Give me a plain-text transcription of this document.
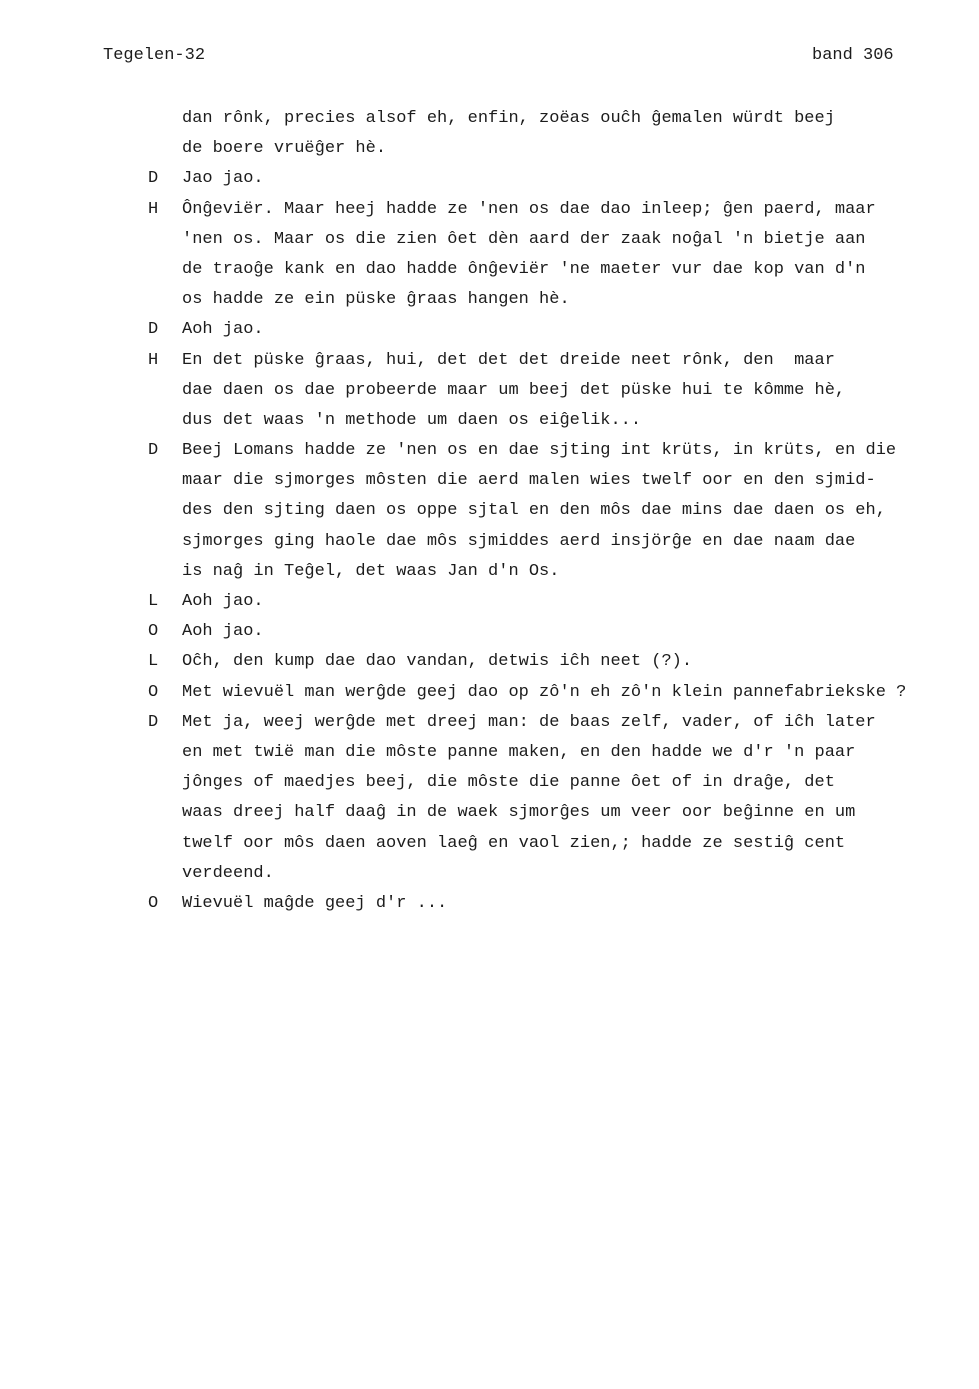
Tegelen-32	band 306
dan rônk, precies alsof eh, enfin, zoëas ouĉh ĝemalen würdt beej
de boere vruëĝer hè.
D Jao jao.
H Ônĝeviër. Maar heej hadde ze 'nen os dae dao inleep; ĝen paerd, maar
'nen os. Maar os die zien ôet dèn aard der zaak noĝal 'n bietje aan
de traoĝe kank en dao hadde ônĝeviër 'ne maeter vur dae kop van d'n
os hadde ze ein püske ĝraas hangen hè.
D Aoh jao.
H En det püske ĝraas, hui, det det det dreide neet rônk, den  maar
dae daen os dae probeerde maar um beej det püske hui te kômme hè,
dus det waas 'n methode um daen os eiĝelik...
D Beej Lomans hadde ze 'nen os en dae sjting int krüts, in krüts, en die
maar die sjmorges môsten die aerd malen wies twelf oor en den sjmid-
des den sjting daen os oppe sjtal en den môs dae mins dae daen os eh,
sjmorges ging haole dae môs sjmiddes aerd insjörĝe en dae naam dae
is naĝ in Teĝel, det waas Jan d'n Os.
L Aoh jao.
O Aoh jao.
L Oĉh, den kump dae dao vandan, detwis iĉh neet (?).
O Met wievuël man werĝde geej dao op zô'n eh zô'n klein pannefabriekske ?
D Met ja, weej werĝde met dreej man: de baas zelf, vader, of iĉh later
en met twië man die môste panne maken, en den hadde we d'r 'n paar
jônges of maedjes beej, die môste die panne ôet of in draĝe, det
waas dreej half daaĝ in de waek sjmorĝes um veer oor beĝinne en um
twelf oor môs daen aoven laeĝ en vaol zien,; hadde ze sestiĝ cent
verdeend.
O Wievuël maĝde geej d'r ...
